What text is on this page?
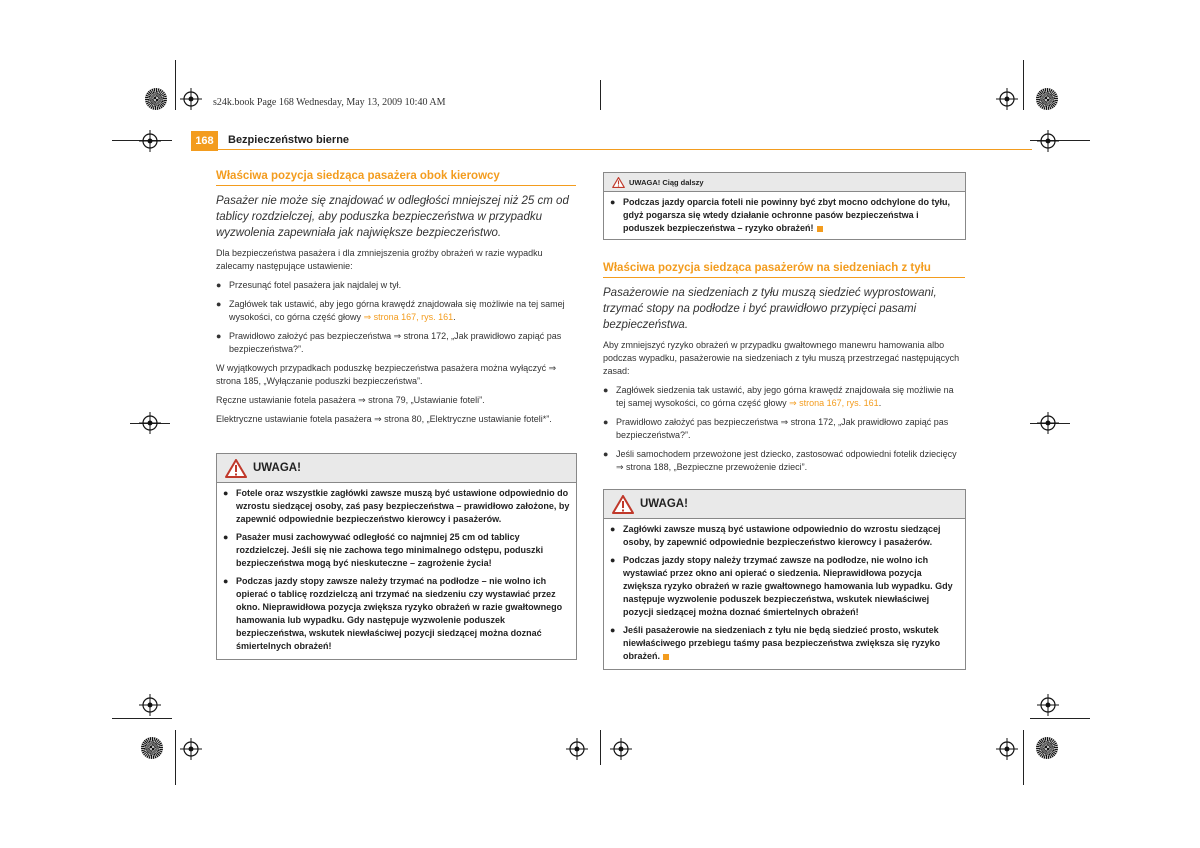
s24k.book Page 168 Wednesday, May 13, 2009 10:40 AM
168	Bezpieczeństwo bierne
Właściwa pozycja siedząca pasażera obok kierowcy

Pasażer nie może się znajdować w odległości mniejszej niż 25 cm od tablicy rozdzielczej, aby poduszka bezpieczeństwa w przypadku wyzwolenia zapewniała jak największe bezpieczeństwo.

Dla bezpieczeństwa pasażera i dla zmniejszenia groźby obrażeń w razie wypadku zalecamy następujące ustawienie:

● Przesunąć fotel pasażera jak najdalej w tył.

● Zagłówek tak ustawić, aby jego górna krawędź znajdowała się możliwie na tej samej wysokości, co górna część głowy ⇒ strona 167, rys. 161.

● Prawidłowo założyć pas bezpieczeństwa ⇒ strona 172, „Jak prawidłowo zapiąć pas bezpieczeństwa?”.

W wyjątkowych przypadkach poduszkę bezpieczeństwa pasażera można wyłączyć ⇒ strona 185, „Wyłączanie poduszki bezpieczeństwa”.

Ręczne ustawianie fotela pasażera ⇒ strona 79, „Ustawianie foteli”.

Elektryczne ustawianie fotela pasażera ⇒ strona 80, „Elektryczne ustawianie foteli*”.

UWAGA!

● Fotele oraz wszystkie zagłówki zawsze muszą być ustawione odpowiednio do wzrostu siedzącej osoby, zaś pasy bezpieczeństwa – prawidłowo założone, by zapewnić odpowiednie bezpieczeństwo kierowcy i pasażerów.

● Pasażer musi zachowywać odległość co najmniej 25 cm od tablicy rozdzielczej. Jeśli się nie zachowa tego minimalnego odstępu, poduszki bezpieczeństwa mogą być nieskuteczne – zagrożenie życia!

● Podczas jazdy stopy zawsze należy trzymać na podłodze – nie wolno ich opierać o tablicę rozdzielczą ani trzymać na siedzeniu czy wystawiać przez okno. Nieprawidłowa pozycja zwiększa ryzyko obrażeń w razie gwałtownego hamowania lub wypadku. Gdy następuje wyzwolenie poduszek bezpieczeństwa, wskutek niewłaściwej pozycji siedzącej można doznać śmiertelnych obrażeń!

UWAGA! Ciąg dalszy

● Podczas jazdy oparcia foteli nie powinny być zbyt mocno odchylone do tyłu, gdyż pogarsza się wtedy działanie ochronne pasów bezpieczeństwa i poduszek bezpieczeństwa – ryzyko obrażeń!

Właściwa pozycja siedząca pasażerów na siedzeniach z tyłu

Pasażerowie na siedzeniach z tyłu muszą siedzieć wyprostowani, trzymać stopy na podłodze i być prawidłowo przypięci pasami bezpieczeństwa.

Aby zmniejszyć ryzyko obrażeń w przypadku gwałtownego manewru hamowania albo podczas wypadku, pasażerowie na siedzeniach z tyłu muszą przestrzegać następujących zasad:

● Zagłówek siedzenia tak ustawić, aby jego górna krawędź znajdowała się możliwie na tej samej wysokości, co górna część głowy ⇒ strona 167, rys. 161.

● Prawidłowo założyć pas bezpieczeństwa ⇒ strona 172, „Jak prawidłowo zapiąć pas bezpieczeństwa?”.

● Jeśli samochodem przewożone jest dziecko, zastosować odpowiedni fotelik dziecięcy ⇒ strona 188, „Bezpieczne przewożenie dzieci”.

UWAGA!

● Zagłówki zawsze muszą być ustawione odpowiednio do wzrostu siedzącej osoby, by zapewnić odpowiednie bezpieczeństwo kierowcy i pasażerów.

● Podczas jazdy stopy należy trzymać zawsze na podłodze, nie wolno ich wystawiać przez okno ani opierać o siedzenia. Nieprawidłowa pozycja zwiększa ryzyko obrażeń w razie gwałtownego hamowania lub wypadku. Gdy następuje wyzwolenie poduszek bezpieczeństwa, wskutek niewłaściwej pozycji siedzącej można doznać śmiertelnych obrażeń!

● Jeśli pasażerowie na siedzeniach z tyłu nie będą siedzieć prosto, wskutek niewłaściwego przebiegu taśmy pasa bezpieczeństwa zwiększa się ryzyko obrażeń.
